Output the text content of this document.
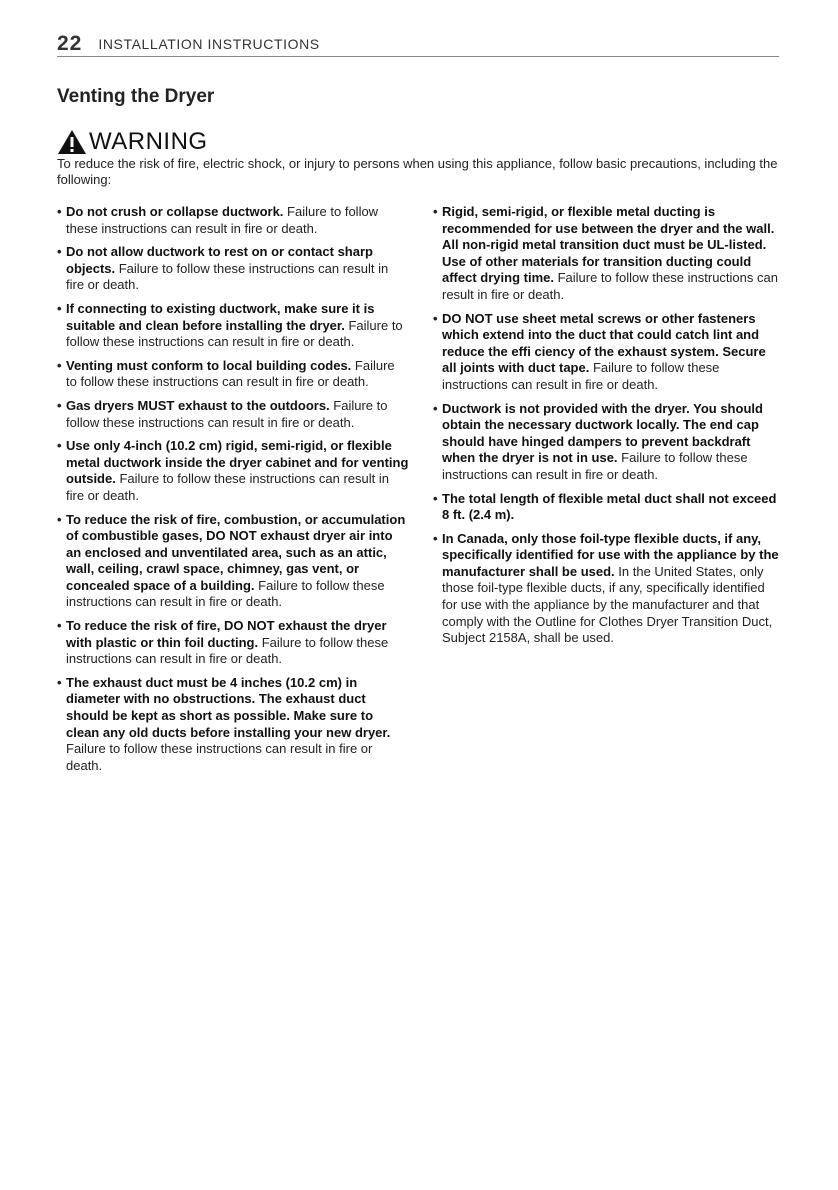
22 INSTALLATION INSTRUCTIONS
Venting the Dryer
WARNING

To reduce the risk of fire, electric shock, or injury to persons when using this appliance, follow basic precautions, including the following:

• Do not crush or collapse ductwork. Failure to follow these instructions can result in fire or death.
• Do not allow ductwork to rest on or contact sharp objects. Failure to follow these instructions can result in fire or death.
• If connecting to existing ductwork, make sure it is suitable and clean before installing the dryer. Failure to follow these instructions can result in fire or death.
• Venting must conform to local building codes. Failure to follow these instructions can result in fire or death.
• Gas dryers MUST exhaust to the outdoors. Failure to follow these instructions can result in fire or death.
• Use only 4-inch (10.2 cm) rigid, semi-rigid, or flexible metal ductwork inside the dryer cabinet and for venting outside. Failure to follow these instructions can result in fire or death.
• To reduce the risk of fire, combustion, or accumulation of combustible gases, DO NOT exhaust dryer air into an enclosed and unventilated area, such as an attic, wall, ceiling, crawl space, chimney, gas vent, or concealed space of a building. Failure to follow these instructions can result in fire or death.
• To reduce the risk of fire, DO NOT exhaust the dryer with plastic or thin foil ducting. Failure to follow these instructions can result in fire or death.
• The exhaust duct must be 4 inches (10.2 cm) in diameter with no obstructions. The exhaust duct should be kept as short as possible. Make sure to clean any old ducts before installing your new dryer. Failure to follow these instructions can result in fire or death.
• Rigid, semi-rigid, or flexible metal ducting is recommended for use between the dryer and the wall. All non-rigid metal transition duct must be UL-listed. Use of other materials for transition ducting could affect drying time. Failure to follow these instructions can result in fire or death.
• DO NOT use sheet metal screws or other fasteners which extend into the duct that could catch lint and reduce the effi ciency of the exhaust system. Secure all joints with duct tape. Failure to follow these instructions can result in fire or death.
• Ductwork is not provided with the dryer. You should obtain the necessary ductwork locally. The end cap should have hinged dampers to prevent backdraft when the dryer is not in use. Failure to follow these instructions can result in fire or death.
• The total length of flexible metal duct shall not exceed 8 ft. (2.4 m).
• In Canada, only those foil-type flexible ducts, if any, specifically identified for use with the appliance by the manufacturer shall be used. In the United States, only those foil-type flexible ducts, if any, specifically identified for use with the appliance by the manufacturer and that comply with the Outline for Clothes Dryer Transition Duct, Subject 2158A, shall be used.
